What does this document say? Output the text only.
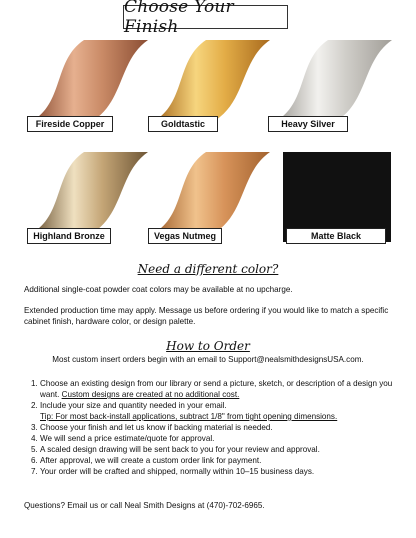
Choose Your Finish
Fireside Copper	Goldtastic	Heavy Silver
Highland Bronze	Vegas Nutmeg	Matte Black
Need a different color?
Additional single-coat powder coat colors may be available at no upcharge.
Extended production time may apply. Message us before ordering if you would like to match a specific cabinet finish, hardware color, or design palette.
How to Order
Most custom insert orders begin with an email to Support@nealsmithdesignsUSA.com.
1. Choose an existing design from our library or send a picture, sketch, or description of a design you want. Custom designs are created at no additional cost.
2. Include your size and quantity needed in your email.
Tip: For most back-install applications, subtract 1/8" from tight opening dimensions.
3. Choose your finish and let us know if backing material is needed.
4. We will send a price estimate/quote for approval.
5. A scaled design drawing will be sent back to you for your review and approval.
6. After approval, we will create a custom order link for payment.
7. Your order will be crafted and shipped, normally within 10–15 business days.
Questions? Email us or call Neal Smith Designs at (470)-702-6965.
